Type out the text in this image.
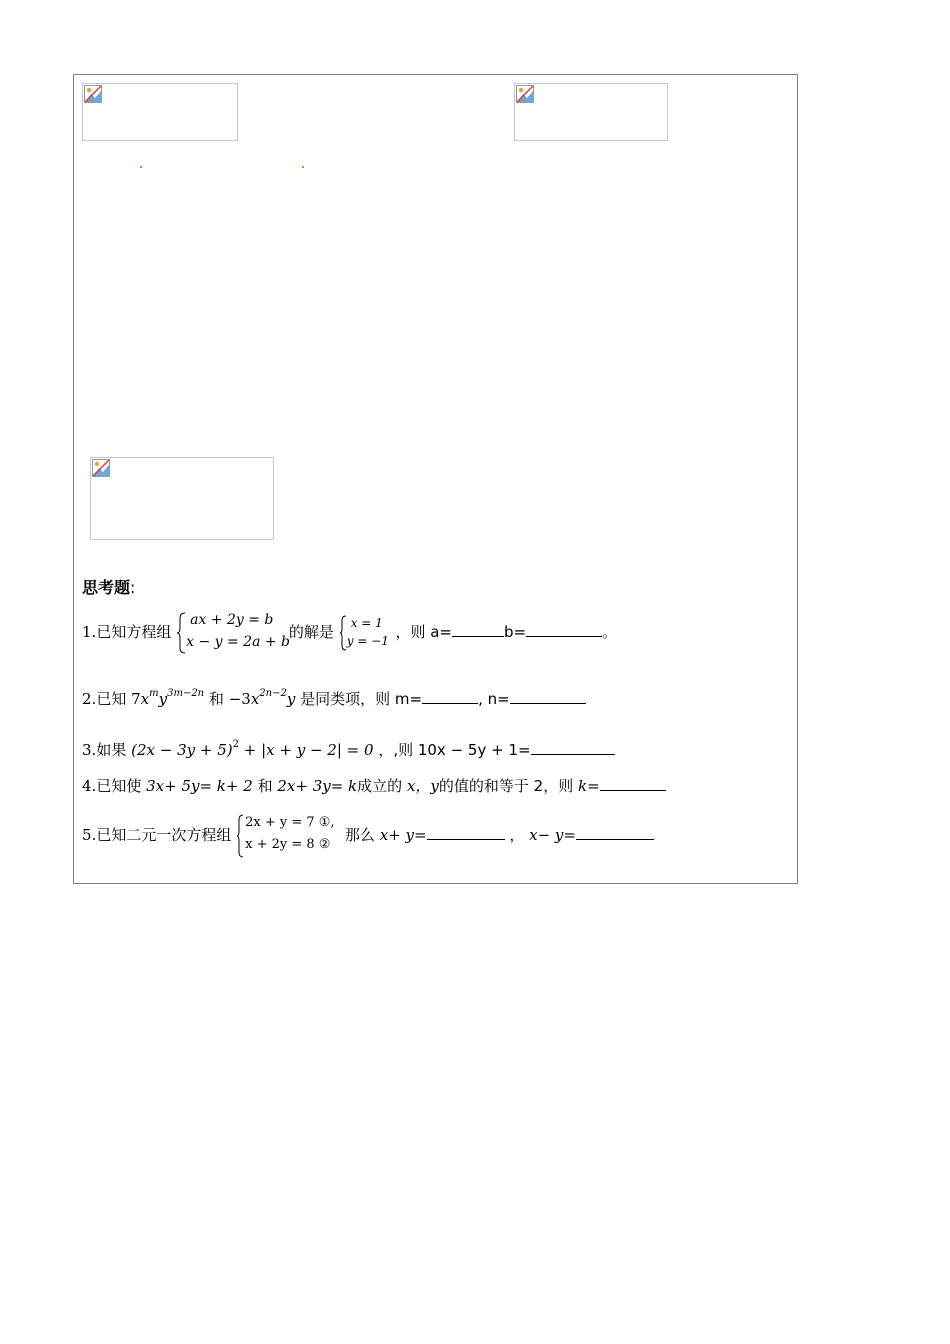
思考题:
1.已知方程组
ax + 2y = b
x − y = 2a + b
的解是 x = 1
y = −1 ，则 a=	b=	。
2.已知 $7x^my^{3m-2n}$ 和 $-3x^{2n-2}y$ 是同类项，则 m=	, n=
3.如果 $(2x - 3y + 5)^2 + |x + y - 2| = 0$ ，,则 10x − 5y + 1=
4.已知使 3x+ 5y= k+ 2 和 2x+ 3y= k成立的 x，y的值的和等于 2，则 k=
5.已知二元一次方程组
2x + y = 7 ①,
x + 2y = 8 ②
那么 x+ y=	， x− y=
